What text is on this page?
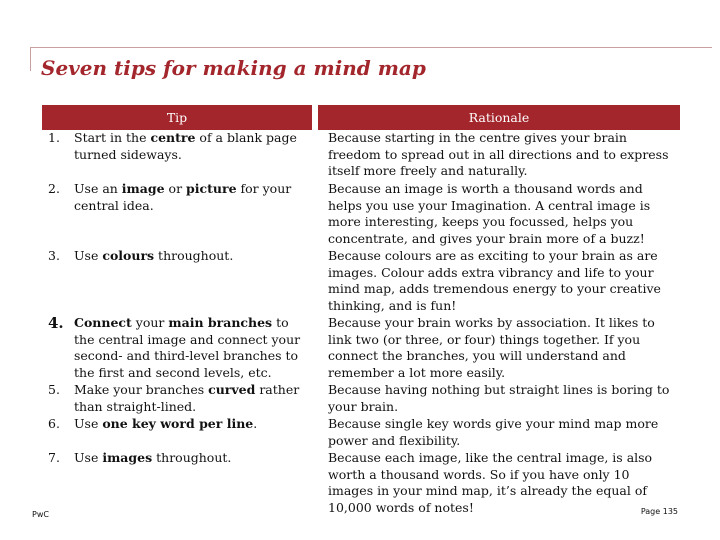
Seven tips for making a mind map
Tip		Rationale

1. Start in the centre of a blank page turned sideways.		Because starting in the centre gives your brain freedom to spread out in all directions and to express itself more freely and naturally.

2. Use an image or picture for your central idea.		Because an image is worth a thousand words and helps you use your Imagination. A central image is more interesting, keeps you focussed, helps you concentrate, and gives your brain more of a buzz!

3. Use colours throughout.		Because colours are as exciting to your brain as are images. Colour adds extra vibrancy and life to your mind map, adds tremendous energy to your creative thinking, and is fun!

4. Connect your main branches to the central image and connect your second- and third-level branches to the first and second levels, etc.		Because your brain works by association. It likes to link two (or three, or four) things together. If you connect the branches, you will understand and remember a lot more easily.

5. Make your branches curved rather than straight-lined.		Because having nothing but straight lines is boring to your brain.

6. Use one key word per line.		Because single key words give your mind map more power and flexibility.

7. Use images throughout.		Because each image, like the central image, is also worth a thousand words. So if you have only 10 images in your mind map, it’s already the equal of 10,000 words of notes!
PwC	Page 135
